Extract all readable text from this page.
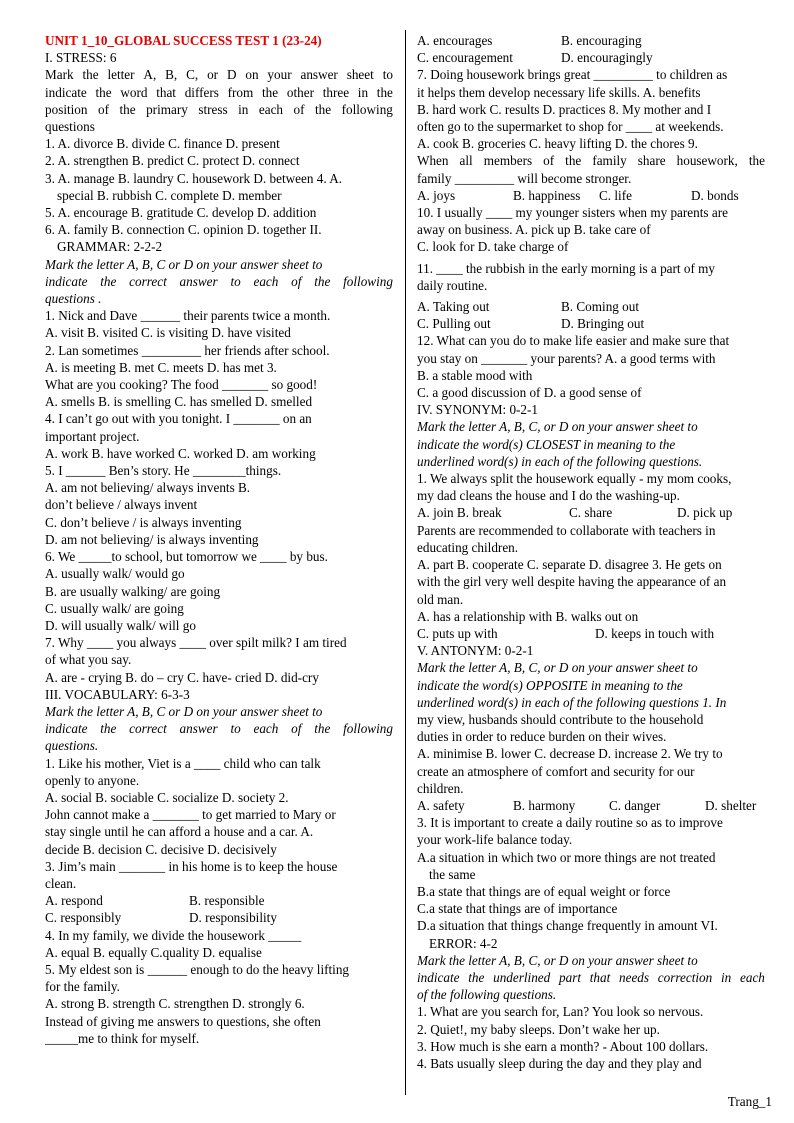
UNIT 1_10_GLOBAL SUCCESS TEST 1 (23-24)
I. STRESS: 6
Mark the letter A, B, C, or D on your answer sheet to
indicate the word that differs from the other three in the
position of the primary stress in each of the following
questions
1. A. divorce B. divide C. finance D. present
2. A. strengthen B. predict C. protect D. connect
3. A. manage B. laundry C. housework D. between 4. A.
special B. rubbish C. complete D. member
5. A. encourage B. gratitude C. develop D. addition
6. A. family B. connection C. opinion D. together II.
GRAMMAR: 2-2-2
Mark the letter A, B, C or D on your answer sheet to
indicate the correct answer to each of the following
questions .
1. Nick and Dave ______ their parents twice a month.
A. visit B. visited C. is visiting D. have visited
2. Lan sometimes _________ her friends after school.
A. is meeting B. met C. meets D. has met 3.
What are you cooking? The food _______ so good!
A. smells B. is smelling C. has smelled D. smelled
4. I can’t go out with you tonight. I _______ on an
important project.
A. work B. have worked C. worked D. am working
5. I ______ Ben’s story. He ________things.
A. am not believing/ always invents B.
don’t believe / always invent
C. don’t believe / is always inventing
D. am not believing/ is always inventing
6. We _____to school, but tomorrow we ____ by bus.
A. usually walk/ would go
B. are usually walking/ are going
C. usually walk/ are going
D. will usually walk/ will go
7. Why ____ you always ____ over spilt milk? I am tired
of what you say.
A. are - crying B. do – cry C. have- cried D. did-cry
III. VOCABULARY: 6-3-3
Mark the letter A, B, C or D on your answer sheet to
indicate the correct answer to each of the following
questions.
1. Like his mother, Viet is a ____ child who can talk
openly to anyone.
A. social B. sociable C. socialize D. society 2.
John cannot make a _______ to get married to Mary or
stay single until he can afford a house and a car. A.
decide B. decision C. decisive D. decisively
3. Jim’s main _______ in his home is to keep the house
clean.
A. respond	B. responsible
C. responsibly	D. responsibility
4. In my family, we divide the housework _____
A. equal B. equally C.quality D. equalise
5. My eldest son is ______ enough to do the heavy lifting
for the family.
A. strong B. strength C. strengthen D. strongly 6.
Instead of giving me answers to questions, she often
_____me to think for myself.
A. encourages	B. encouraging
C. encouragement	D. encouragingly
7. Doing housework brings great _________ to children as
it helps them develop necessary life skills. A. benefits
B. hard work C. results D. practices 8. My mother and I
often go to the supermarket to shop for ____ at weekends.
A. cook B. groceries C. heavy lifting D. the chores 9.
When all members of the family share housework, the
family _________ will become stronger.
A. joys	B. happiness	C. life	D. bonds
10. I usually ____ my younger sisters when my parents are
away on business. A. pick up B. take care of
C. look for D. take charge of
11. ____ the rubbish in the early morning is a part of my
daily routine.
A. Taking out	B. Coming out
C. Pulling out	D. Bringing out
12. What can you do to make life easier and make sure that
you stay on _______ your parents? A. a good terms with
B. a stable mood with
C. a good discussion of D. a good sense of
IV. SYNONYM: 0-2-1
Mark the letter A, B, C, or D on your answer sheet to
indicate the word(s) CLOSEST in meaning to the
underlined word(s) in each of the following questions.
1. We always split the housework equally - my mom cooks,
my dad cleans the house and I do the washing-up.
A. join B. break	C. share	D. pick up
Parents are recommended to collaborate with teachers in
educating children.
A. part B. cooperate C. separate D. disagree 3. He gets on
with the girl very well despite having the appearance of an
old man.
A. has a relationship with B. walks out on
C. puts up with	D. keeps in touch with
V. ANTONYM: 0-2-1
Mark the letter A, B, C, or D on your answer sheet to
indicate the word(s) OPPOSITE in meaning to the
underlined word(s) in each of the following questions 1. In
my view, husbands should contribute to the household
duties in order to reduce burden on their wives.
A. minimise B. lower C. decrease D. increase 2. We try to
create an atmosphere of comfort and security for our
children.
A. safety	B. harmony	C. danger	D. shelter
3. It is important to create a daily routine so as to improve
your work-life balance today.
A.a situation in which two or more things are not treated
the same
B.a state that things are of equal weight or force
C.a state that things are of importance
D.a situation that things change frequently in amount VI.
ERROR: 4-2
Mark the letter A, B, C, or D on your answer sheet to
indicate the underlined part that needs correction in each
of the following questions.
1. What are you search for, Lan? You look so nervous.
2. Quiet!, my baby sleeps. Don’t wake her up.
3. How much is she earn a month? - About 100 dollars.
4. Bats usually sleep during the day and they play and
Trang_1
